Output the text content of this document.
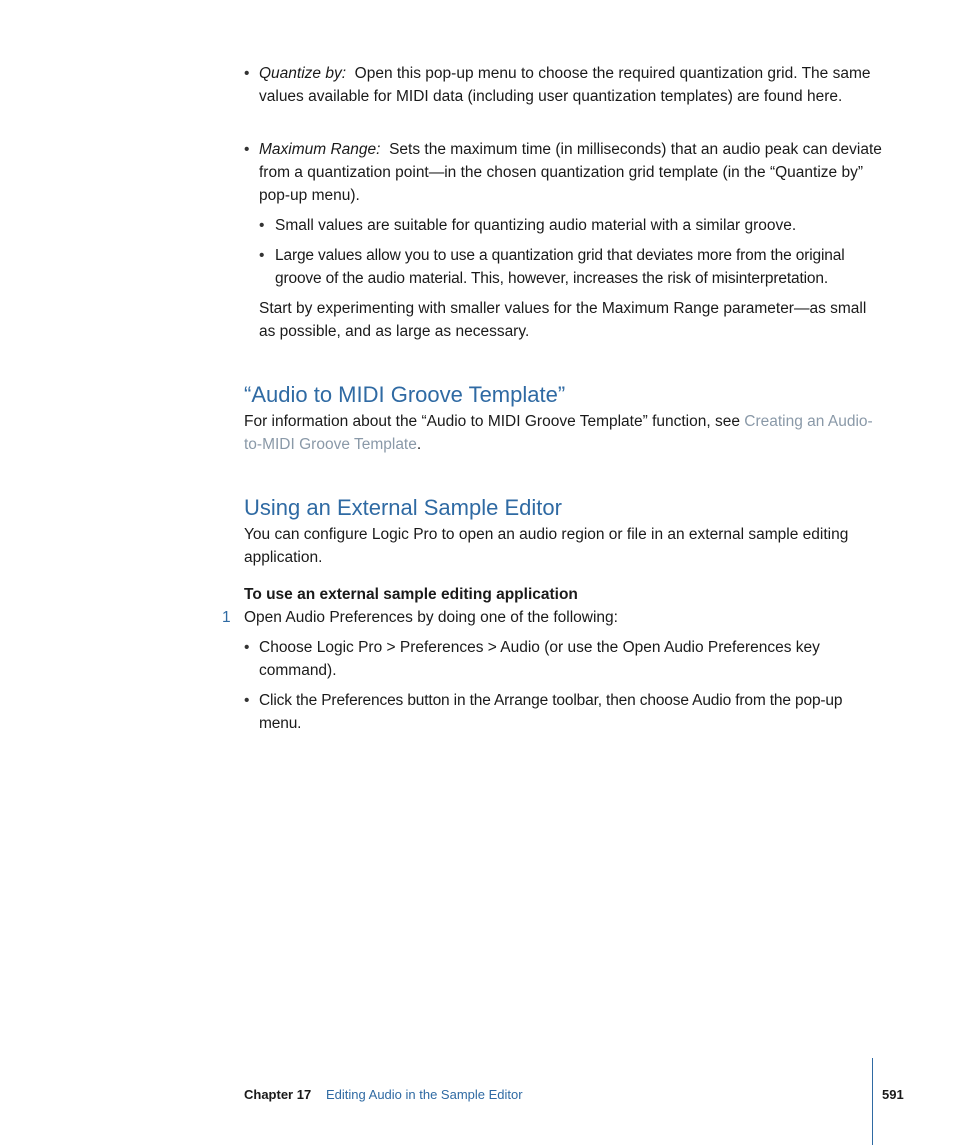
• Quantize by: Open this pop-up menu to choose the required quantization grid. The same values available for MIDI data (including user quantization templates) are found here.

• Maximum Range: Sets the maximum time (in milliseconds) that an audio peak can deviate from a quantization point—in the chosen quantization grid template (in the “Quantize by” pop-up menu).

• Small values are suitable for quantizing audio material with a similar groove.

• Large values allow you to use a quantization grid that deviates more from the original groove of the audio material. This, however, increases the risk of misinterpretation.

Start by experimenting with smaller values for the Maximum Range parameter—as small as possible, and as large as necessary.

“Audio to MIDI Groove Template”

For information about the “Audio to MIDI Groove Template” function, see Creating an Audio-to-MIDI Groove Template.

Using an External Sample Editor

You can configure Logic Pro to open an audio region or file in an external sample editing application.

To use an external sample editing application

1 Open Audio Preferences by doing one of the following:

• Choose Logic Pro > Preferences > Audio (or use the Open Audio Preferences key command).

• Click the Preferences button in the Arrange toolbar, then choose Audio from the pop-up menu.

Chapter 17 Editing Audio in the Sample Editor	591
